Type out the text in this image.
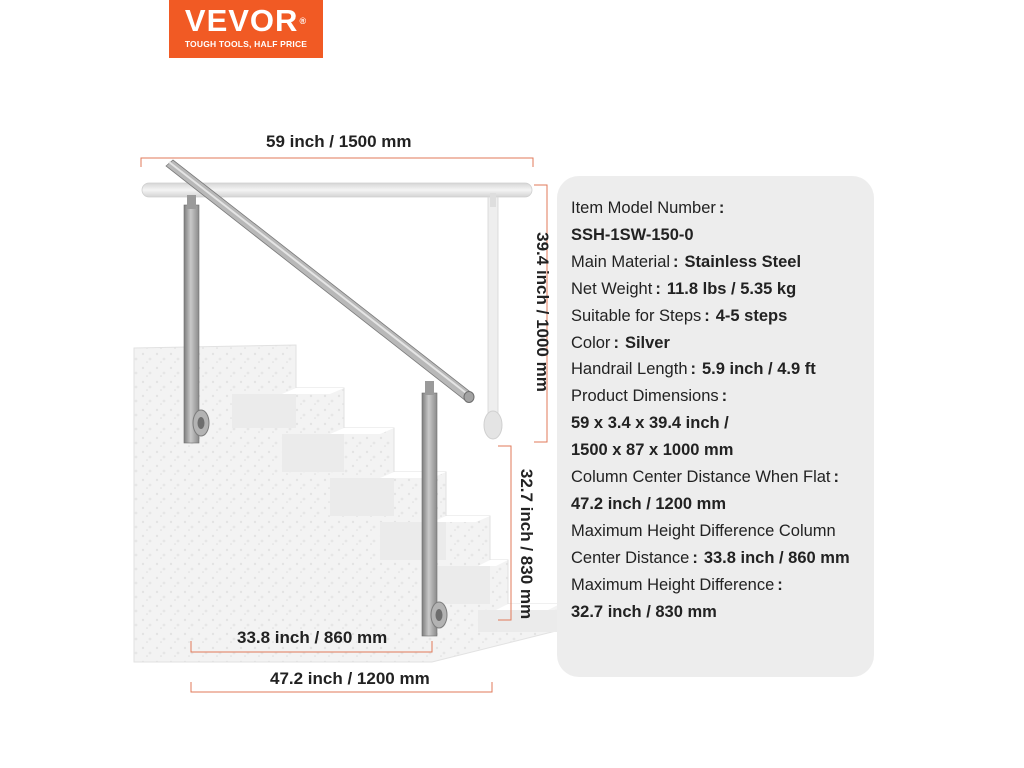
VEVOR®
TOUGH TOOLS, HALF PRICE
59 inch / 1500 mm
39.4 inch / 1000 mm
32.7 inch / 830 mm
33.8 inch / 860 mm
47.2 inch / 1200 mm
Item Model Number :
SSH-1SW-150-0
Main Material : Stainless Steel
Net Weight : 11.8 lbs / 5.35 kg
Suitable for Steps : 4-5 steps
Color : Silver
Handrail Length : 5.9 inch / 4.9 ft
Product Dimensions :
59 x 3.4 x 39.4 inch /
1500 x 87 x 1000 mm
Column Center Distance When Flat :
47.2 inch / 1200 mm
Maximum Height Difference Column
Center Distance : 33.8 inch / 860 mm
Maximum Height Difference :
32.7 inch / 830 mm
